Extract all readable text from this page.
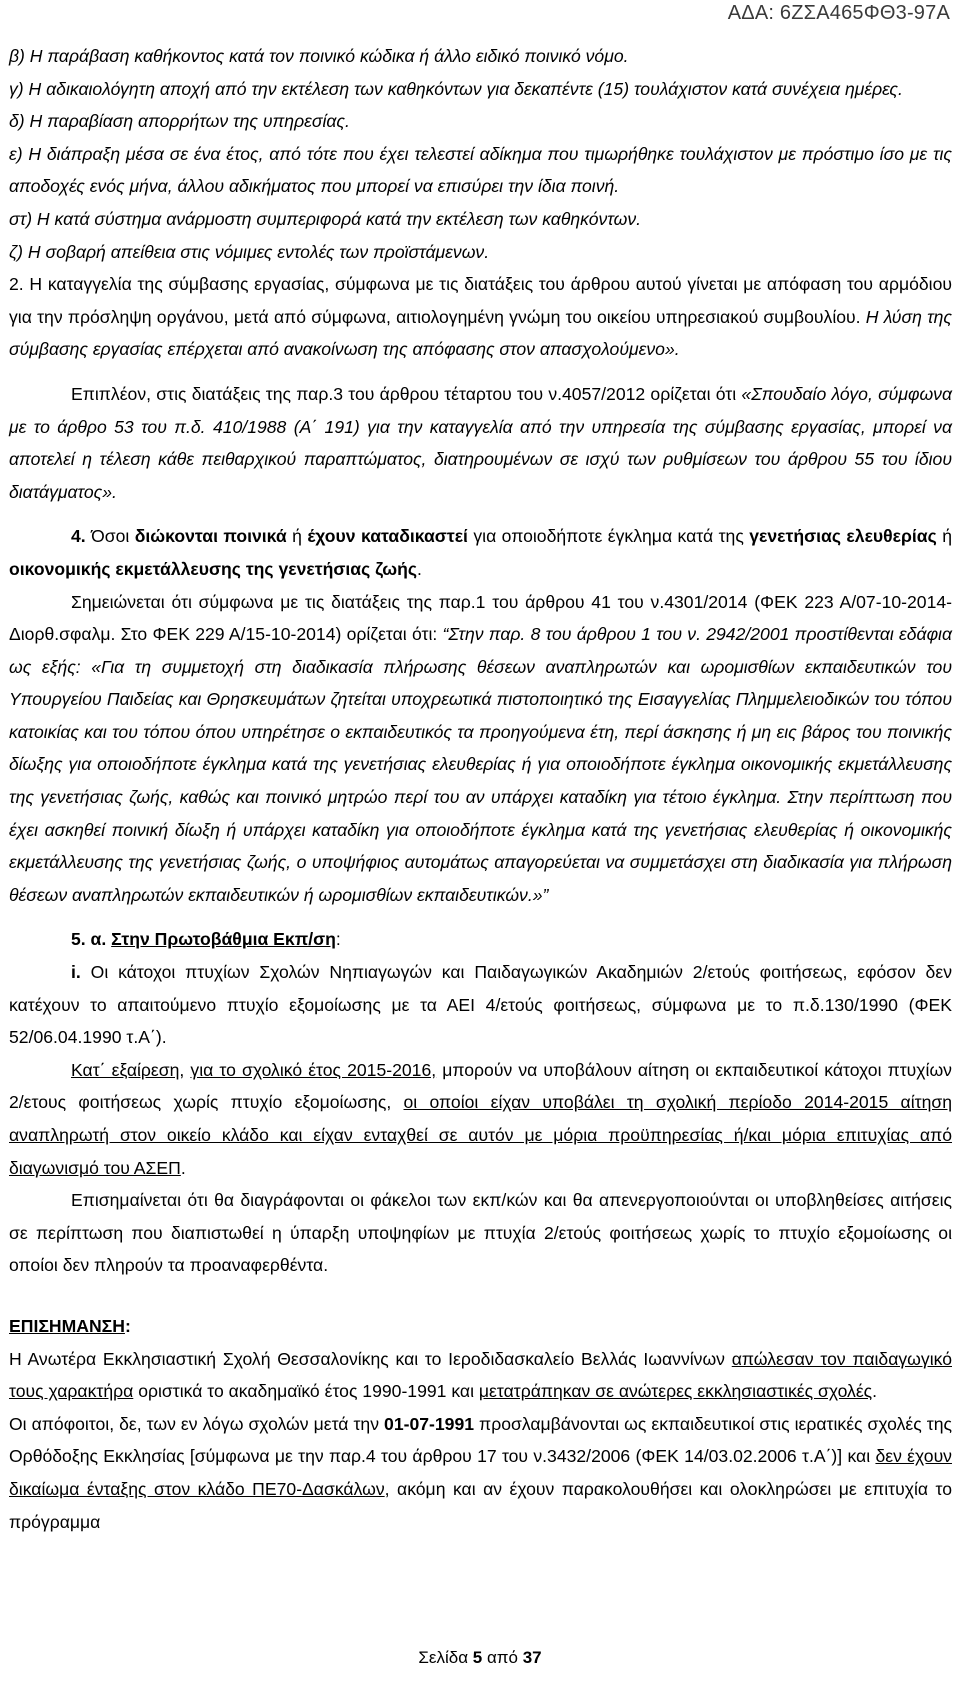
ΑΔΑ: 6ΖΣΑ465ΦΘ3-97Α

β) Η παράβαση καθήκοντος κατά τον ποινικό κώδικα ή άλλο ειδικό ποινικό νόμο.

γ) Η αδικαιολόγητη αποχή από την εκτέλεση των καθηκόντων για δεκαπέντε (15) τουλάχιστον κατά συνέχεια ημέρες.

δ) Η παραβίαση απορρήτων της υπηρεσίας.

ε) Η διάπραξη μέσα σε ένα έτος, από τότε που έχει τελεστεί αδίκημα που τιμωρήθηκε τουλάχιστον με πρόστιμο ίσο με τις αποδοχές ενός μήνα, άλλου αδικήματος που μπορεί να επισύρει την ίδια ποινή.

στ) Η κατά σύστημα ανάρμοστη συμπεριφορά κατά την εκτέλεση των καθηκόντων.

ζ) Η σοβαρή απείθεια στις νόμιμες εντολές των προϊστάμενων.

2. Η καταγγελία της σύμβασης εργασίας, σύμφωνα με τις διατάξεις του άρθρου αυτού γίνεται με απόφαση του αρμόδιου για την πρόσληψη οργάνου, μετά από σύμφωνα, αιτιολογημένη γνώμη του οικείου υπηρεσιακού συμβουλίου. Η λύση της σύμβασης εργασίας επέρχεται από ανακοίνωση της απόφασης στον απασχολούμενο».

Επιπλέον, στις διατάξεις της παρ.3 του άρθρου τέταρτου του ν.4057/2012 ορίζεται ότι «Σπουδαίο λόγο, σύμφωνα με το άρθρο 53 του π.δ. 410/1988 (Α΄ 191) για την καταγγελία από την υπηρεσία της σύμβασης εργασίας, μπορεί να αποτελεί η τέλεση κάθε πειθαρχικού παραπτώματος, διατηρουμένων σε ισχύ των ρυθμίσεων του άρθρου 55 του ίδιου διατάγματος».

4. Όσοι διώκονται ποινικά ή έχουν καταδικαστεί για οποιοδήποτε έγκλημα κατά της γενετήσιας ελευθερίας ή οικονομικής εκμετάλλευσης της γενετήσιας ζωής.

Σημειώνεται ότι σύμφωνα με τις διατάξεις της παρ.1 του άρθρου 41 του ν.4301/2014 (ΦΕΚ 223 Α/07-10-2014-Διορθ.σφαλμ. Στο ΦΕΚ 229 Α/15-10-2014) ορίζεται ότι: “Στην παρ. 8 του άρθρου 1 του ν. 2942/2001 προστίθενται εδάφια ως εξής: «Για τη συμμετοχή στη διαδικασία πλήρωσης θέσεων αναπληρωτών και ωρομισθίων εκπαιδευτικών του Υπουργείου Παιδείας και Θρησκευμάτων ζητείται υποχρεωτικά πιστοποιητικό της Εισαγγελίας Πλημμελειοδικών του τόπου κατοικίας και του τόπου όπου υπηρέτησε ο εκπαιδευτικός τα προηγούμενα έτη, περί άσκησης ή μη εις βάρος του ποινικής δίωξης για οποιοδήποτε έγκλημα κατά της γενετήσιας ελευθερίας ή για οποιοδήποτε έγκλημα οικονομικής εκμετάλλευσης της γενετήσιας ζωής, καθώς και ποινικό μητρώο περί του αν υπάρχει καταδίκη για τέτοιο έγκλημα. Στην περίπτωση που έχει ασκηθεί ποινική δίωξη ή υπάρχει καταδίκη για οποιοδήποτε έγκλημα κατά της γενετήσιας ελευθερίας ή οικονομικής εκμετάλλευσης της γενετήσιας ζωής, ο υποψήφιος αυτομάτως απαγορεύεται να συμμετάσχει στη διαδικασία για πλήρωση θέσεων αναπληρωτών εκπαιδευτικών ή ωρομισθίων εκπαιδευτικών.»”

5. α. Στην Πρωτοβάθμια Εκπ/ση:

i. Οι κάτοχοι πτυχίων Σχολών Νηπιαγωγών και Παιδαγωγικών Ακαδημιών 2/ετούς φοιτήσεως, εφόσον δεν κατέχουν το απαιτούμενο πτυχίο εξομοίωσης με τα ΑΕΙ 4/ετούς φοιτήσεως, σύμφωνα με το π.δ.130/1990 (ΦΕΚ 52/06.04.1990 τ.Α΄).

Κατ΄ εξαίρεση, για το σχολικό έτος 2015-2016, μπορούν να υποβάλουν αίτηση οι εκπαιδευτικοί κάτοχοι πτυχίων 2/ετους φοιτήσεως χωρίς πτυχίο εξομοίωσης, οι οποίοι είχαν υποβάλει τη σχολική περίοδο 2014-2015 αίτηση αναπληρωτή στον οικείο κλάδο και είχαν ενταχθεί σε αυτόν με μόρια προϋπηρεσίας ή/και μόρια επιτυχίας από διαγωνισμό του ΑΣΕΠ.

Επισημαίνεται ότι θα διαγράφονται οι φάκελοι των εκπ/κών και θα απενεργοποιούνται οι υποβληθείσες αιτήσεις σε περίπτωση που διαπιστωθεί η ύπαρξη υποψηφίων με πτυχία 2/ετούς φοιτήσεως χωρίς το πτυχίο εξομοίωσης οι οποίοι δεν πληρούν τα προαναφερθέντα.

ΕΠΙΣΗΜΑΝΣΗ:

Η Ανωτέρα Εκκλησιαστική Σχολή Θεσσαλονίκης και το Ιεροδιδασκαλείο Βελλάς Ιωαννίνων απώλεσαν τον παιδαγωγικό τους χαρακτήρα οριστικά το ακαδημαϊκό έτος 1990-1991 και μετατράπηκαν σε ανώτερες εκκλησιαστικές σχολές.

Οι απόφοιτοι, δε, των εν λόγω σχολών μετά την 01-07-1991 προσλαμβάνονται ως εκπαιδευτικοί στις ιερατικές σχολές της Ορθόδοξης Εκκλησίας [σύμφωνα με την παρ.4 του άρθρου 17 του ν.3432/2006 (ΦΕΚ 14/03.02.2006 τ.Α΄)] και δεν έχουν δικαίωμα ένταξης στον κλάδο ΠΕ70-Δασκάλων, ακόμη και αν έχουν παρακολουθήσει και ολοκληρώσει με επιτυχία το πρόγραμμα

Σελίδα 5 από 37
